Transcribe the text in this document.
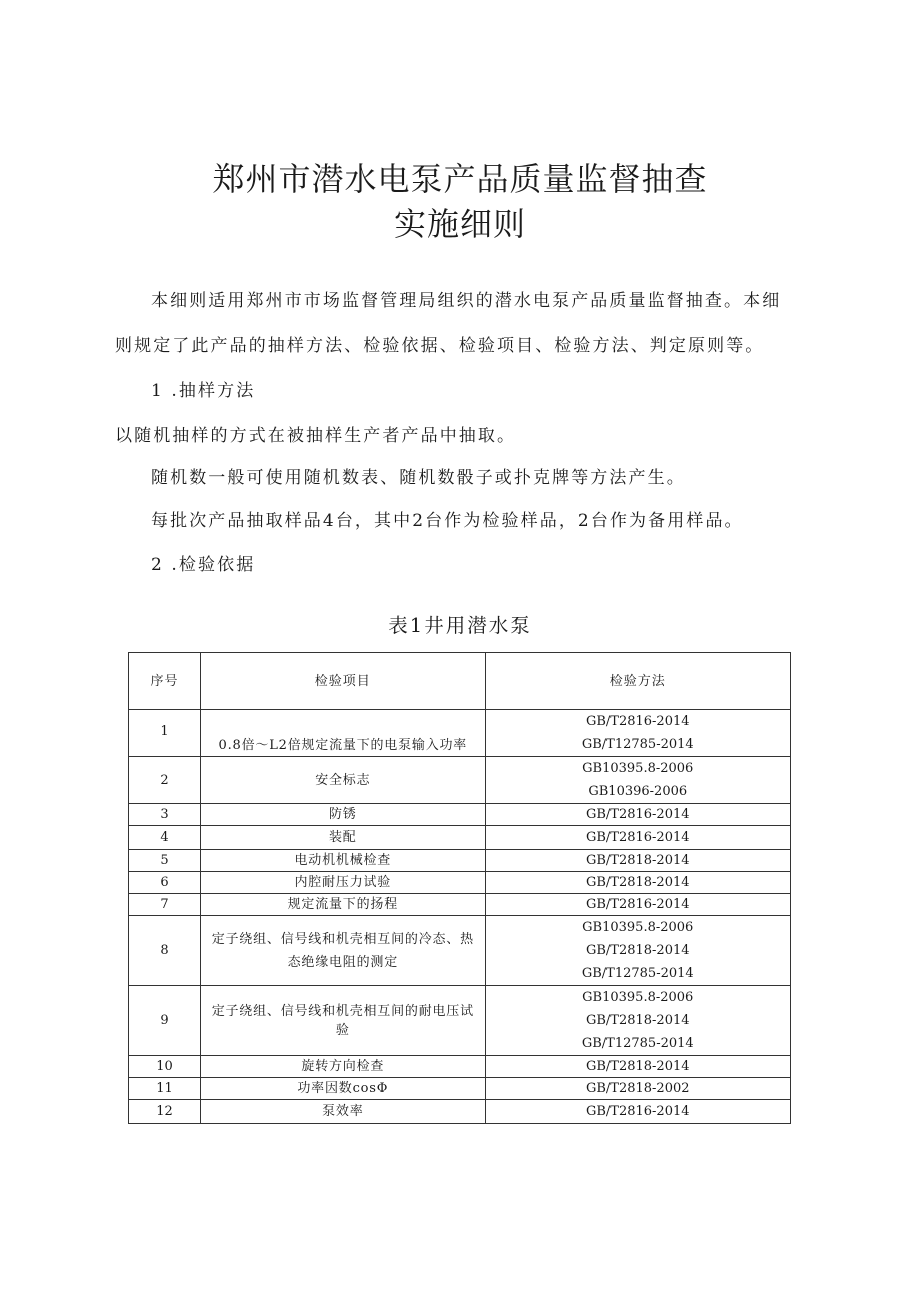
郑州市潜水电泵产品质量监督抽查
实施细则

本细则适用郑州市市场监督管理局组织的潜水电泵产品质量监督抽查。本细

则规定了此产品的抽样方法、检验依据、检验项目、检验方法、判定原则等。

1 .抽样方法

以随机抽样的方式在被抽样生产者产品中抽取。

随机数一般可使用随机数表、随机数骰子或扑克牌等方法产生。

每批次产品抽取样品4台，其中2台作为检验样品，2台作为备用样品。

2 .检验依据

表1井用潜水泵

序号	检验项目	检验方法
1	0.8倍～L2倍规定流量下的电泵输入功率	GB/T2816-2014
GB/T12785-2014

2	安全标志	GB10395.8-2006
GB10396-2006

3	防锈	GB/T2816-2014

4	装配	GB/T2816-2014

5	电动机机械检查	GB/T2818-2014

6	内腔耐压力试验	GB/T2818-2014

7	规定流量下的扬程	GB/T2816-2014

8	定子绕组、信号线和机壳相互间的冷态、热态绝缘电阻的测定	GB10395.8-2006
GB/T2818-2014
GB/T12785-2014

9	定子绕组、信号线和机壳相互间的耐电压试验	GB10395.8-2006
GB/T2818-2014
GB/T12785-2014

10	旋转方向检查	GB/T2818-2014

11	功率因数cosΦ	GB/T2818-2002

12	泵效率	GB/T2816-2014
